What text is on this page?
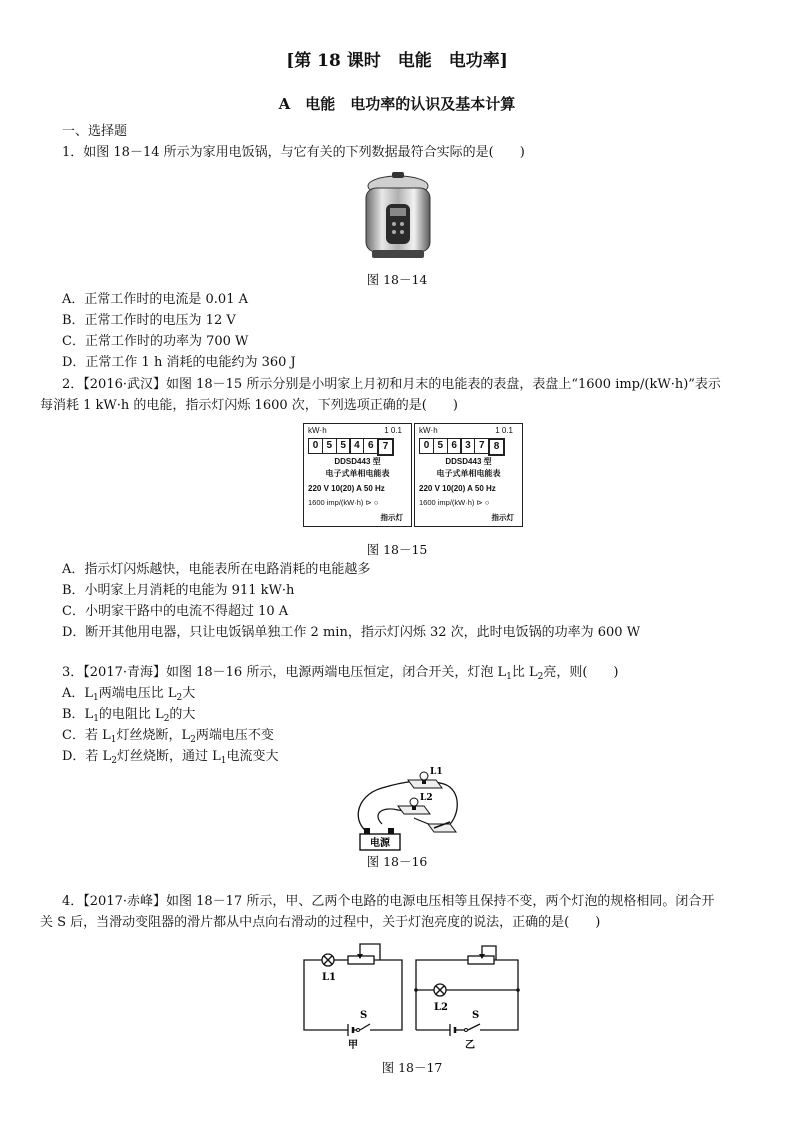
[第 18 课时　电能　电功率]
A　电能　电功率的认识及基本计算
一、选择题
1．如图 18－14 所示为家用电饭锅，与它有关的下列数据最符合实际的是(　　)
图 18－14
A．正常工作时的电流是 0.01 A
B．正常工作时的电压为 12 V
C．正常工作时的功率为 700 W
D．正常工作 1 h 消耗的电能约为 360 J
2．【2016·武汉】如图 18－15 所示分别是小明家上月初和月末的电能表的表盘，表盘上“1600 imp/(kW·h)”表示
每消耗 1 kW·h 的电能，指示灯闪烁 1600 次，下列选项正确的是(　　)
kW·h	1 0.1
0 5 5 4 6 7
DDSD443 型
电子式单相电能表
220 V 10(20) A 50 Hz
1600 imp/(kW·h) ⊳ ○
指示灯
kW·h	1 0.1
0 5 6 3 7 8
DDSD443 型
电子式单相电能表
220 V 10(20) A 50 Hz
1600 imp/(kW·h) ⊳ ○
指示灯
图 18－15
A．指示灯闪烁越快，电能表所在电路消耗的电能越多
B．小明家上月消耗的电能为 911 kW·h
C．小明家干路中的电流不得超过 10 A
D．断开其他用电器，只让电饭锅单独工作 2 min，指示灯闪烁 32 次，此时电饭锅的功率为 600 W
3．【2017·青海】如图 18－16 所示，电源两端电压恒定，闭合开关，灯泡 $L_1$比 $L_2$亮，则(　　)
A．$L_1$两端电压比 $L_2$大
B．$L_1$的电阻比 $L_2$的大
C．若 $L_1$灯丝烧断，$L_2$两端电压不变
D．若 $L_2$灯丝烧断，通过 $L_1$电流变大
L1
L2
电源
图 18－16
4．【2017·赤峰】如图 18－17 所示，甲、乙两个电路的电源电压相等且保持不变，两个灯泡的规格相同。闭合开
关 S 后，当滑动变阻器的滑片都从中点向右滑动的过程中，关于灯泡亮度的说法，正确的是(　　)
L1
S
甲
L2
S
乙
图 18－17
